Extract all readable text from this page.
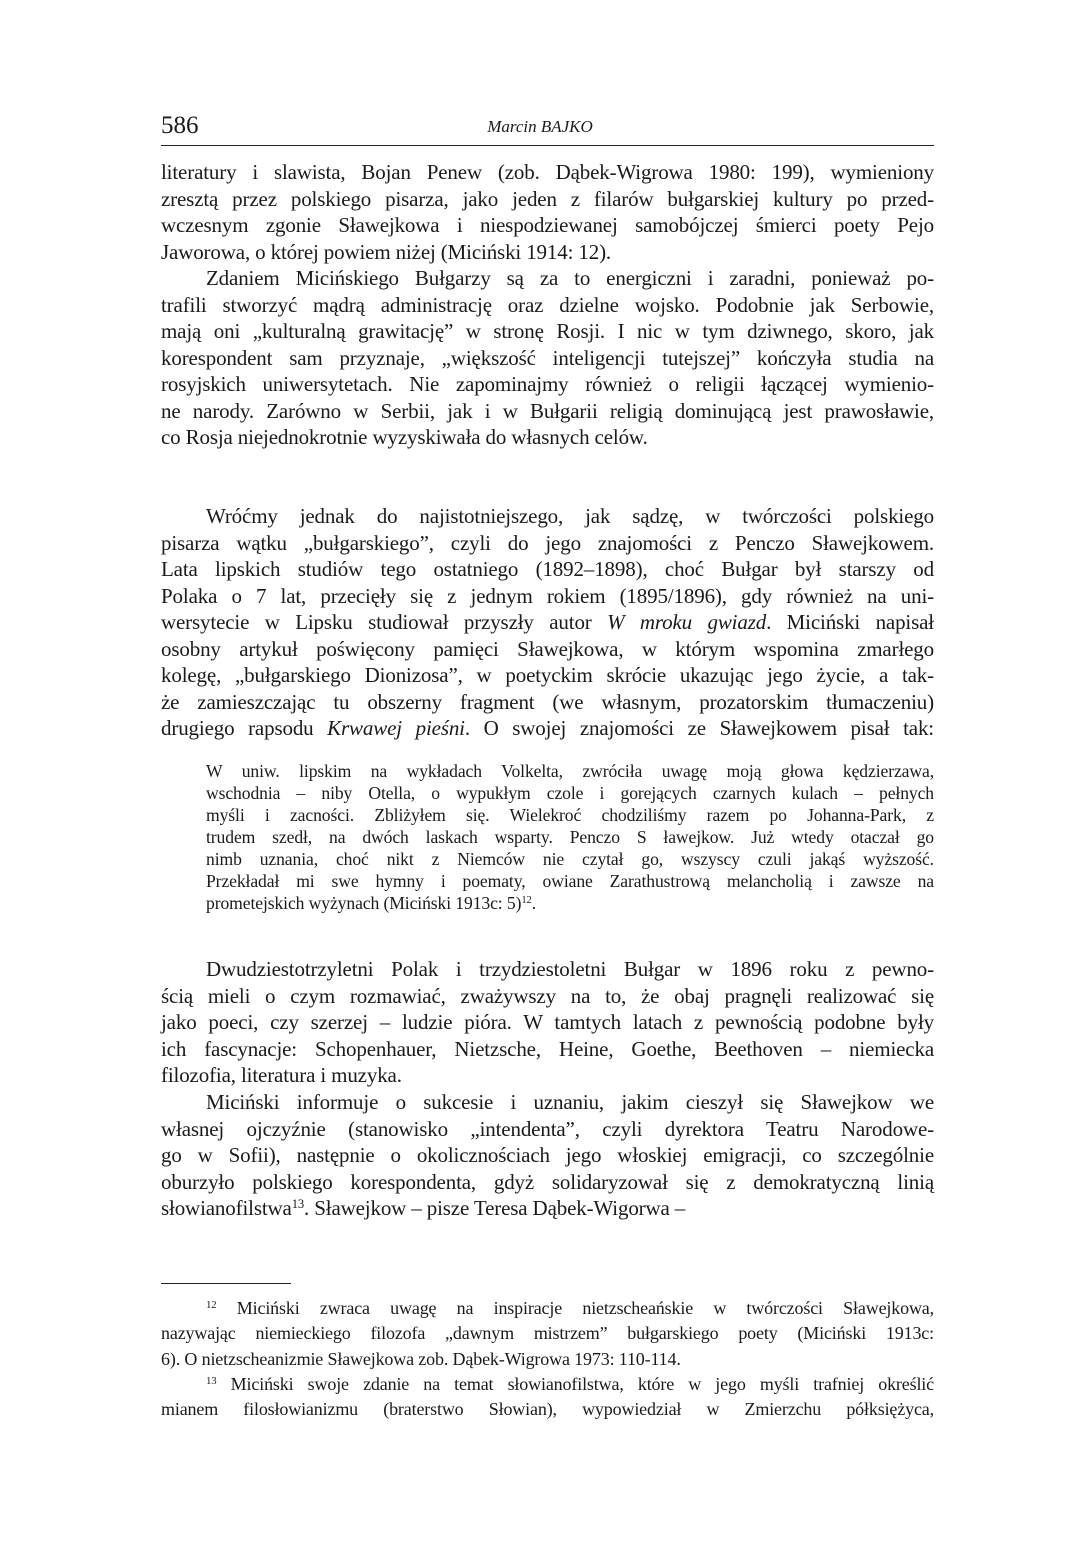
586	Marcin BAJKO
literatury i slawista, Bojan Penew (zob. Dąbek-Wigrowa 1980: 199), wymieniony
zresztą przez polskiego pisarza, jako jeden z filarów bułgarskiej kultury po przed-
wczesnym zgonie Sławejkowa i niespodziewanej samobójczej śmierci poety Pejo
Jaworowa, o której powiem niżej (Miciński 1914: 12).
Zdaniem Micińskiego Bułgarzy są za to energiczni i zaradni, ponieważ po-
trafili stworzyć mądrą administrację oraz dzielne wojsko. Podobnie jak Serbowie,
mają oni „kulturalną grawitację” w stronę Rosji. I nic w tym dziwnego, skoro, jak
korespondent sam przyznaje, „większość inteligencji tutejszej” kończyła studia na
rosyjskich uniwersytetach. Nie zapominajmy również o religii łączącej wymienio-
ne narody. Zarówno w Serbii, jak i w Bułgarii religią dominującą jest prawosławie,
co Rosja niejednokrotnie wyzyskiwała do własnych celów.
Wróćmy jednak do najistotniejszego, jak sądzę, w twórczości polskiego
pisarza wątku „bułgarskiego”, czyli do jego znajomości z Penczo Sławejkowem.
Lata lipskich studiów tego ostatniego (1892–1898), choć Bułgar był starszy od
Polaka o 7 lat, przecięły się z jednym rokiem (1895/1896), gdy również na uni-
wersytecie w Lipsku studiował przyszły autor W mroku gwiazd. Miciński napisał
osobny artykuł poświęcony pamięci Sławejkowa, w którym wspomina zmarłego
kolegę, „bułgarskiego Dionizosa”, w poetyckim skrócie ukazując jego życie, a tak-
że zamieszczając tu obszerny fragment (we własnym, prozatorskim tłumaczeniu)
drugiego rapsodu Krwawej pieśni. O swojej znajomości ze Sławejkowem pisał tak:
W uniw. lipskim na wykładach Volkelta, zwróciła uwagę moją głowa kędzierzawa,
wschodnia – niby Otella, o wypukłym czole i gorejących czarnych kulach – pełnych
myśli i zacności. Zbliżyłem się. Wielekroć chodziliśmy razem po Johanna-Park, z
trudem szedł, na dwóch laskach wsparty. Penczo S ławejkow. Już wtedy otaczał go
nimb uznania, choć nikt z Niemców nie czytał go, wszyscy czuli jakąś wyższość.
Przekładał mi swe hymny i poematy, owiane Zarathustrową melancholią i zawsze na
prometejskich wyżynach (Miciński 1913c: 5)$^{12}$.
Dwudziestotrzyletni Polak i trzydziestoletni Bułgar w 1896 roku z pewno-
ścią mieli o czym rozmawiać, zważywszy na to, że obaj pragnęli realizować się
jako poeci, czy szerzej – ludzie pióra. W tamtych latach z pewnością podobne były
ich fascynacje: Schopenhauer, Nietzsche, Heine, Goethe, Beethoven – niemiecka
filozofia, literatura i muzyka.
Miciński informuje o sukcesie i uznaniu, jakim cieszył się Sławejkow we
własnej ojczyźnie (stanowisko „intendenta”, czyli dyrektora Teatru Narodowe-
go w Sofii), następnie o okolicznościach jego włoskiej emigracji, co szczególnie
oburzyło polskiego korespondenta, gdyż solidaryzował się z demokratyczną linią
słowianofilstwa$^{13}$. Sławejkow – pisze Teresa Dąbek-Wigorwa –
$^{12}$ Miciński zwraca uwagę na inspiracje nietzscheańskie w twórczości Sławejkowa,
nazywając niemieckiego filozofa „dawnym mistrzem” bułgarskiego poety (Miciński 1913c:
6). O nietzscheanizmie Sławejkowa zob. Dąbek-Wigrowa 1973: 110-114.
$^{13}$ Miciński swoje zdanie na temat słowianofilstwa, które w jego myśli trafniej określić
mianem filosłowianizmu (braterstwo Słowian), wypowiedział w Zmierzchu półksiężyca,
